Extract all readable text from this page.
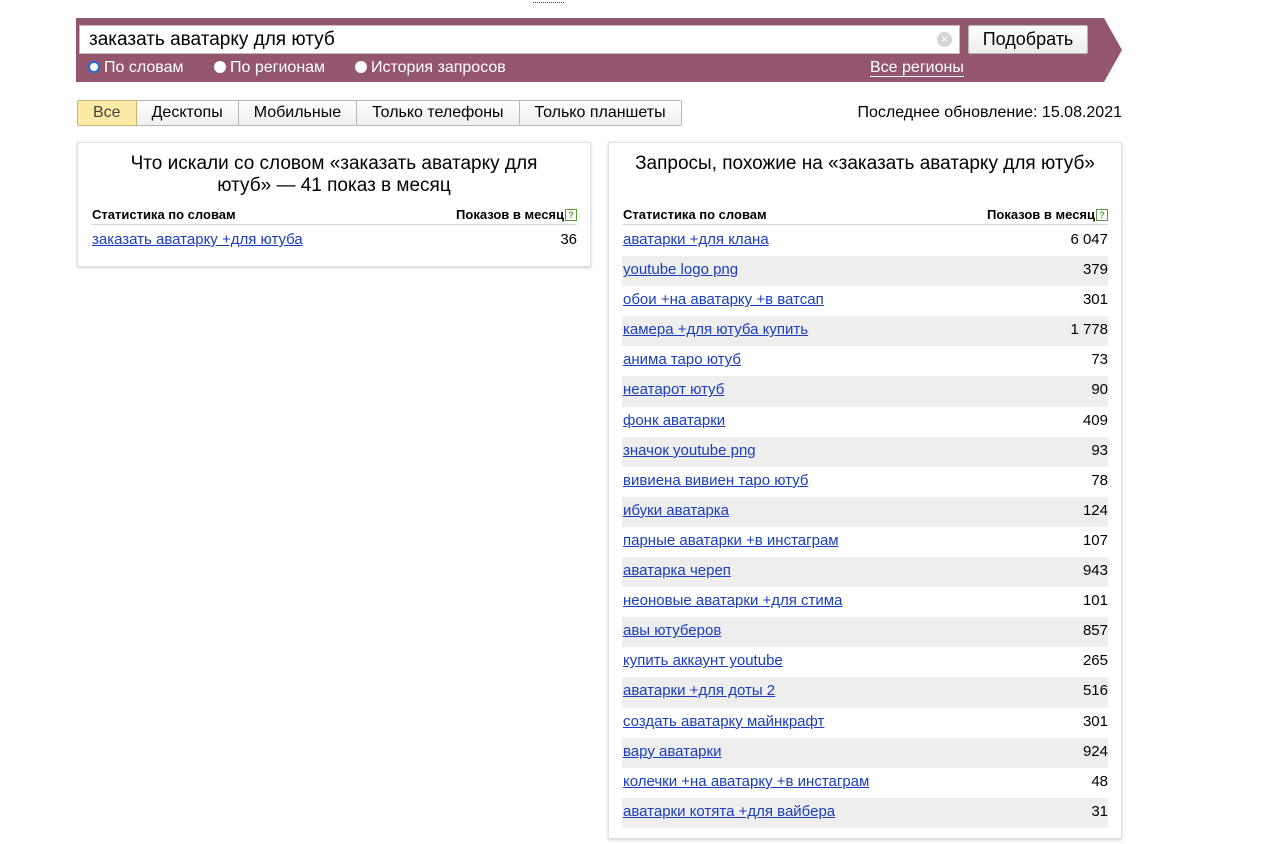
заказать аватарку для ютуб	×	Подобрать
По словам	По регионам	История запросов	Все регионы
Все	Десктопы	Мобильные	Только телефоны	Только планшеты	Последнее обновление: 15.08.2021
Что искали со словом «заказать аватарку для ютуб» — 41 показ в месяц
Статистика по словам	Показов в месяц ?
заказать аватарку +для ютуба	36
Запросы, похожие на «заказать аватарку для ютуб»
Статистика по словам	Показов в месяц ?
аватарки +для клана	6 047
youtube logo png	379
обои +на аватарку +в ватсап	301
камера +для ютуба купить	1 778
анима таро ютуб	73
неатарот ютуб	90
фонк аватарки	409
значок youtube png	93
вивиена вивиен таро ютуб	78
ибуки аватарка	124
парные аватарки +в инстаграм	107
аватарка череп	943
неоновые аватарки +для стима	101
авы ютуберов	857
купить аккаунт youtube	265
аватарки +для доты 2	516
создать аватарку майнкрафт	301
вару аватарки	924
колечки +на аватарку +в инстаграм	48
аватарки котята +для вайбера	31
